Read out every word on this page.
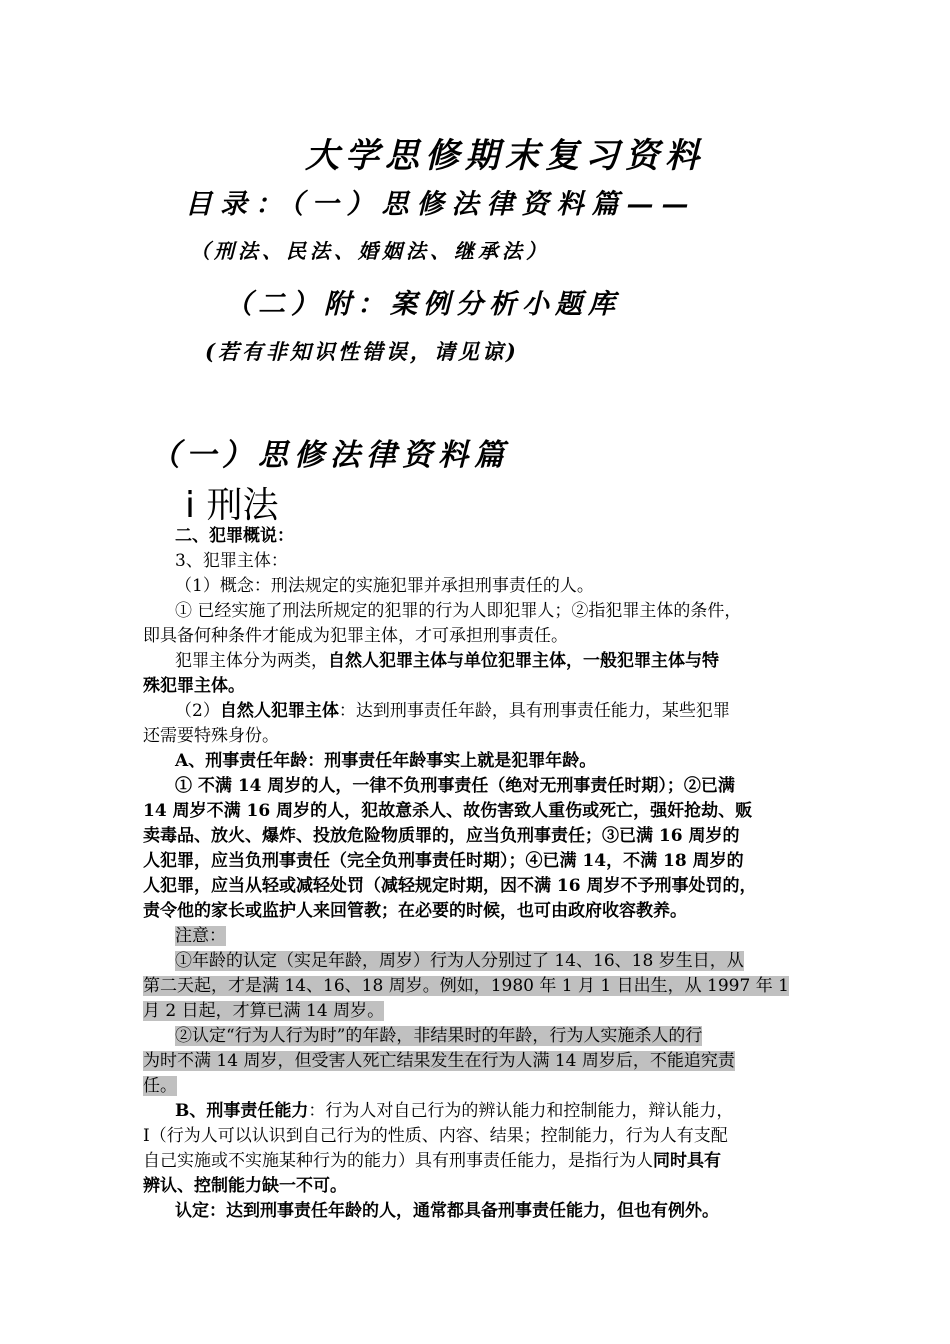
大学思修期末复习资料
目录：（一）思修法律资料篇——
（刑法、民法、婚姻法、继承法）
（二）附：案例分析小题库
(若有非知识性错误，请见谅)
（一）思修法律资料篇
ⅰ 刑法
二、犯罪概说：
3、犯罪主体：
（1）概念：刑法规定的实施犯罪并承担刑事责任的人。
① 已经实施了刑法所规定的犯罪的行为人即犯罪人；②指犯罪主体的条件，
即具备何种条件才能成为犯罪主体，才可承担刑事责任。
犯罪主体分为两类，自然人犯罪主体与单位犯罪主体，一般犯罪主体与特
殊犯罪主体。
（2）自然人犯罪主体：达到刑事责任年龄，具有刑事责任能力，某些犯罪
还需要特殊身份。
A、刑事责任年龄：刑事责任年龄事实上就是犯罪年龄。
① 不满 14 周岁的人，一律不负刑事责任（绝对无刑事责任时期）；②已满
14 周岁不满 16 周岁的人，犯故意杀人、故伤害致人重伤或死亡，强奸抢劫、贩
卖毒品、放火、爆炸、投放危险物质罪的，应当负刑事责任；③已满 16 周岁的
人犯罪，应当负刑事责任（完全负刑事责任时期）；④已满 14，不满 18 周岁的
人犯罪，应当从轻或减轻处罚（减轻规定时期，因不满 16 周岁不予刑事处罚的，
责令他的家长或监护人来回管教；在必要的时候，也可由政府收容教养。
注意：
①年龄的认定（实足年龄，周岁）行为人分别过了 14、16、18 岁生日，从
第二天起，才是满 14、16、18 周岁。例如，1980 年 1 月 1 日出生，从 1997 年 1
月 2 日起，才算已满 14 周岁。
②认定“行为人行为时”的年龄，非结果时的年龄，行为人实施杀人的行
为时不满 14 周岁，但受害人死亡结果发生在行为人满 14 周岁后，不能追究责
任。
B、刑事责任能力：行为人对自己行为的辨认能力和控制能力，辩认能力，
I（行为人可以认识到自己行为的性质、内容、结果；控制能力，行为人有支配
自己实施或不实施某种行为的能力）具有刑事责任能力，是指行为人同时具有
辨认、控制能力缺一不可。
认定：达到刑事责任年龄的人，通常都具备刑事责任能力，但也有例外。
